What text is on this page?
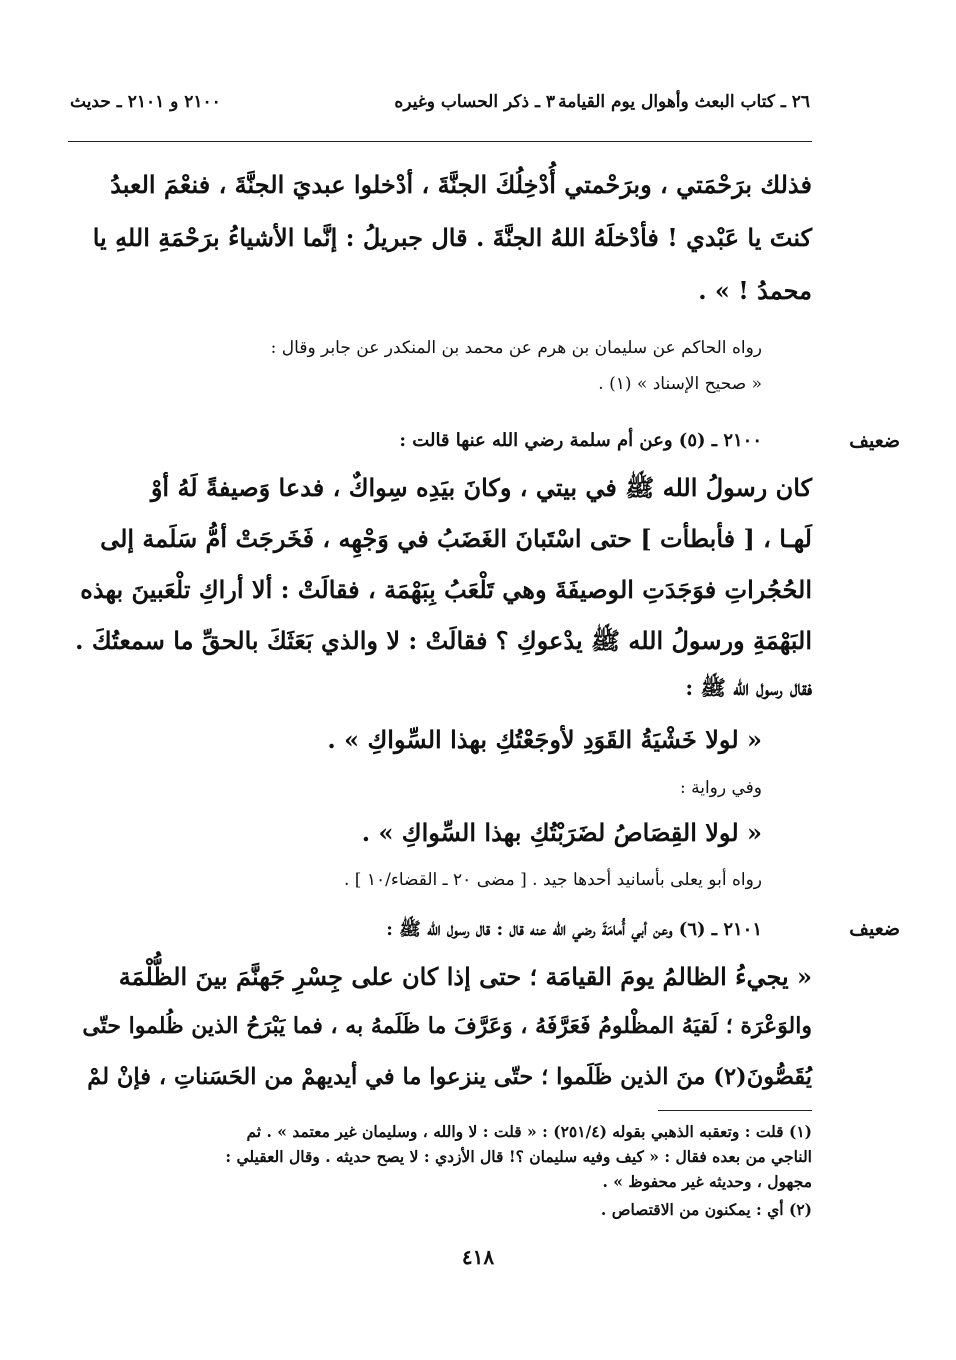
٢٦ ـ كتاب البعث وأهوال يوم القيامة
٣ ـ ذكر الحساب وغيره
٢١٠٠ و ٢١٠١ ـ حديث
فذلك برَحْمَتي ، وبرَحْمتي أُدْخِلُكَ الجنَّةَ ، أدْخلوا عبديَ الجنَّةَ ، فنعْمَ العبدُ
كنتَ يا عَبْدي ! فأدْخلَهُ اللهُ الجنَّةَ . قال جبريلُ : إنَّما الأشياءُ برَحْمَةِ اللهِ يا
محمدُ ! » .
رواه الحاكم عن سليمان بن هرم عن محمد بن المنكدر عن جابر وقال :
« صحيح الإسناد » (١) .
ضعيف
٢١٠٠ ـ (٥) وعن أم سلمة رضي الله عنها قالت :
كان رسولُ الله ﷺ في بيتي ، وكانَ بيَدِه سِواكٌ ، فدعا وَصيفةً لَهُ أوْ
لَهـا ، [ فأبطأت ] حتى اسْتَبانَ الغَضَبُ في وَجْهِه ، فَخَرجَتْ أمُّ سَلَمة إلى
الحُجُراتِ فوَجَدَتِ الوصيفَةَ وهي تَلْعَبُ بِبَهْمَة ، فقالَتْ : ألا أراكِ تلْعَبينَ بهذه
البَهْمَةِ ورسولُ الله ﷺ يدْعوكِ ؟ فقالَتْ : لا والذي بَعَثَكَ بالحقِّ ما سمعتُكَ .
فقال رسول الله ﷺ :
« لولا خَشْيَةُ القَوَدِ لأوجَعْتُكِ بهذا السِّواكِ » .
وفي رواية :
« لولا القِصَاصُ لضَرَبْتُكِ بهذا السِّواكِ » .
رواه أبو يعلى بأسانيد أحدها جيد . [ مضى ٢٠ ـ القضاء/١٠ ] .
ضعيف
٢١٠١ ـ (٦) وعن أبي أُمامَةَ رضي الله عنه قال : قال رسول الله ﷺ :
« يجيءُ الظالمُ يومَ القيامَة ؛ حتى إذا كان على جِسْرِ جَهنَّمَ بينَ الظُّلْمَة
والوَعْرَة ؛ لَقيَهُ المظْلومُ فَعَرَّفَهُ ، وَعَرَّفَ ما ظَلَمهُ به ، فما يَبْرَحُ الذين ظُلموا حتّى
يُقَصُّونَ(٢) منَ الذين ظَلَموا ؛ حتّى ينزعوا ما في أيديهمْ من الحَسَناتِ ، فإنْ لمْ
(١) قلت : وتعقبه الذهبي بقوله (٢٥١/٤) : « قلت : لا والله ، وسليمان غير معتمد » . ثم
الناجي من بعده فقال : « كيف وفيه سليمان ؟! قال الأزدي : لا يصح حديثه . وقال العقيلي :
مجهول ، وحديثه غير محفوظ » .
(٢) أي : يمكنون من الاقتصاص .
٤١٨
